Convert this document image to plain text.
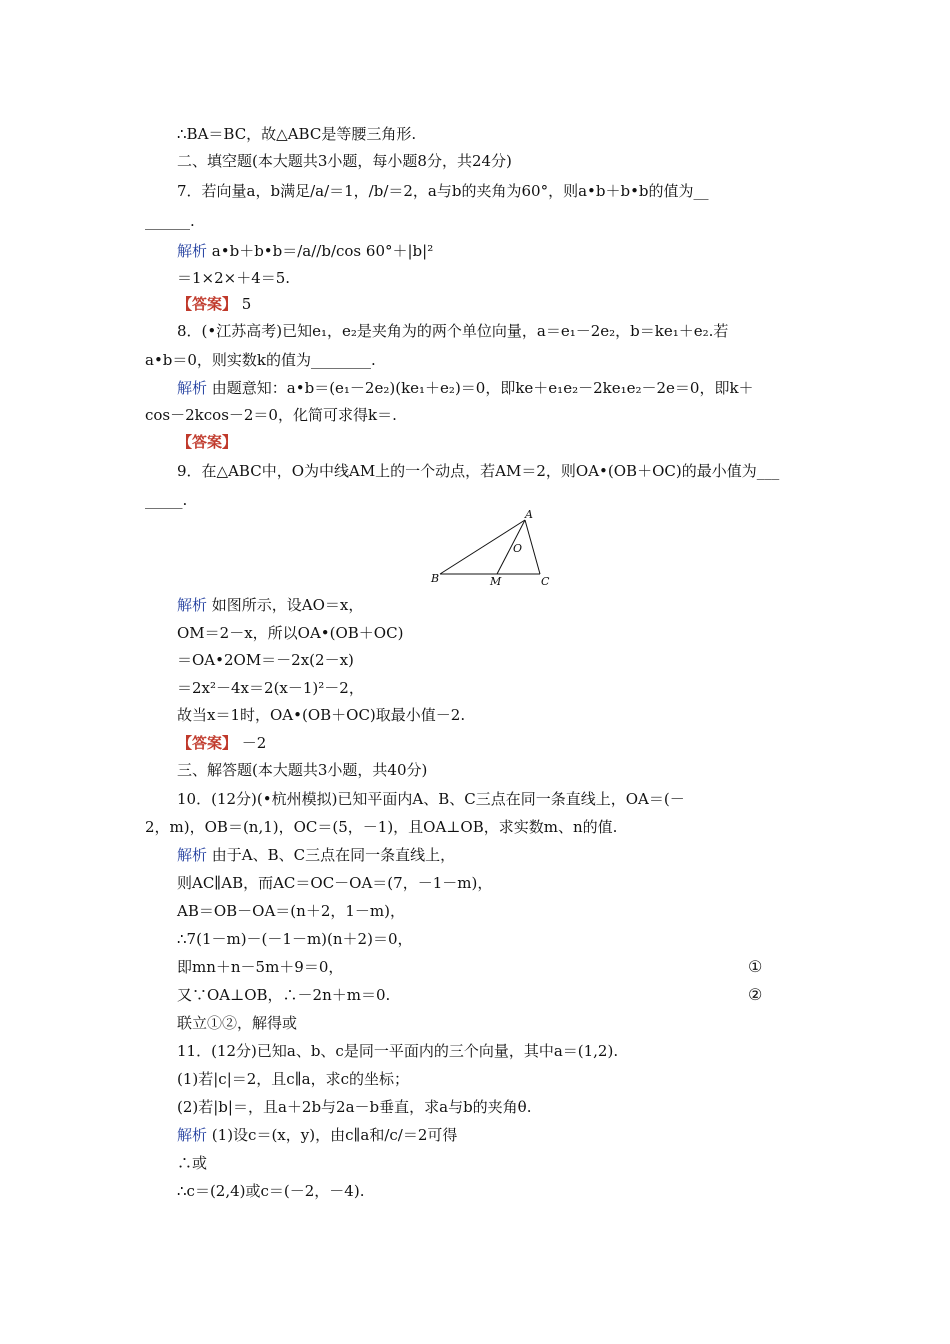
∴BA＝BC，故△ABC是等腰三角形.
二、填空题(本大题共3小题，每小题8分，共24分)
7．若向量a，b满足/a/＝1，/b/＝2，a与b的夹角为60°，则a•b＋b•b的值为__
______.
解析 a•b＋b•b＝/a//b/cos 60°＋|b|²
＝1×2×＋4＝5.
【答案】 5
8．(•江苏高考)已知e₁，e₂是夹角为的两个单位向量，a＝e₁－2e₂，b＝ke₁＋e₂.若
a•b＝0，则实数k的值为________.
解析 由题意知：a•b＝(e₁－2e₂)(ke₁＋e₂)＝0，即ke＋e₁e₂－2ke₁e₂－2e＝0，即k＋
cos－2kcos－2＝0，化简可求得k＝.
【答案】
9．在△ABC中，O为中线AM上的一个动点，若AM＝2，则OA•(OB＋OC)的最小值为___
_____.
A
O
B	M	C
解析 如图所示，设AO＝x，
OM＝2－x，所以OA•(OB＋OC)
＝OA•2OM＝－2x(2－x)
＝2x²－4x＝2(x－1)²－2，
故当x＝1时，OA•(OB＋OC)取最小值－2.
【答案】 －2
三、解答题(本大题共3小题，共40分)
10．(12分)(•杭州模拟)已知平面内A、B、C三点在同一条直线上，OA＝(－
2，m)，OB＝(n,1)，OC＝(5，－1)，且OA⊥OB，求实数m、n的值.
解析 由于A、B、C三点在同一条直线上，
则AC∥AB，而AC＝OC－OA＝(7，－1－m)，
AB＝OB－OA＝(n＋2，1－m)，
∴7(1－m)－(－1－m)(n＋2)＝0，
即mn＋n－5m＋9＝0，	①
又∵OA⊥OB，∴－2n＋m＝0.	②
联立①②，解得或
11．(12分)已知a、b、c是同一平面内的三个向量，其中a＝(1,2).
(1)若|c|＝2，且c∥a，求c的坐标；
(2)若|b|＝，且a＋2b与2a－b垂直，求a与b的夹角θ.
解析 (1)设c＝(x，y)，由c∥a和/c/＝2可得
∴或
∴c＝(2,4)或c＝(－2，－4).
